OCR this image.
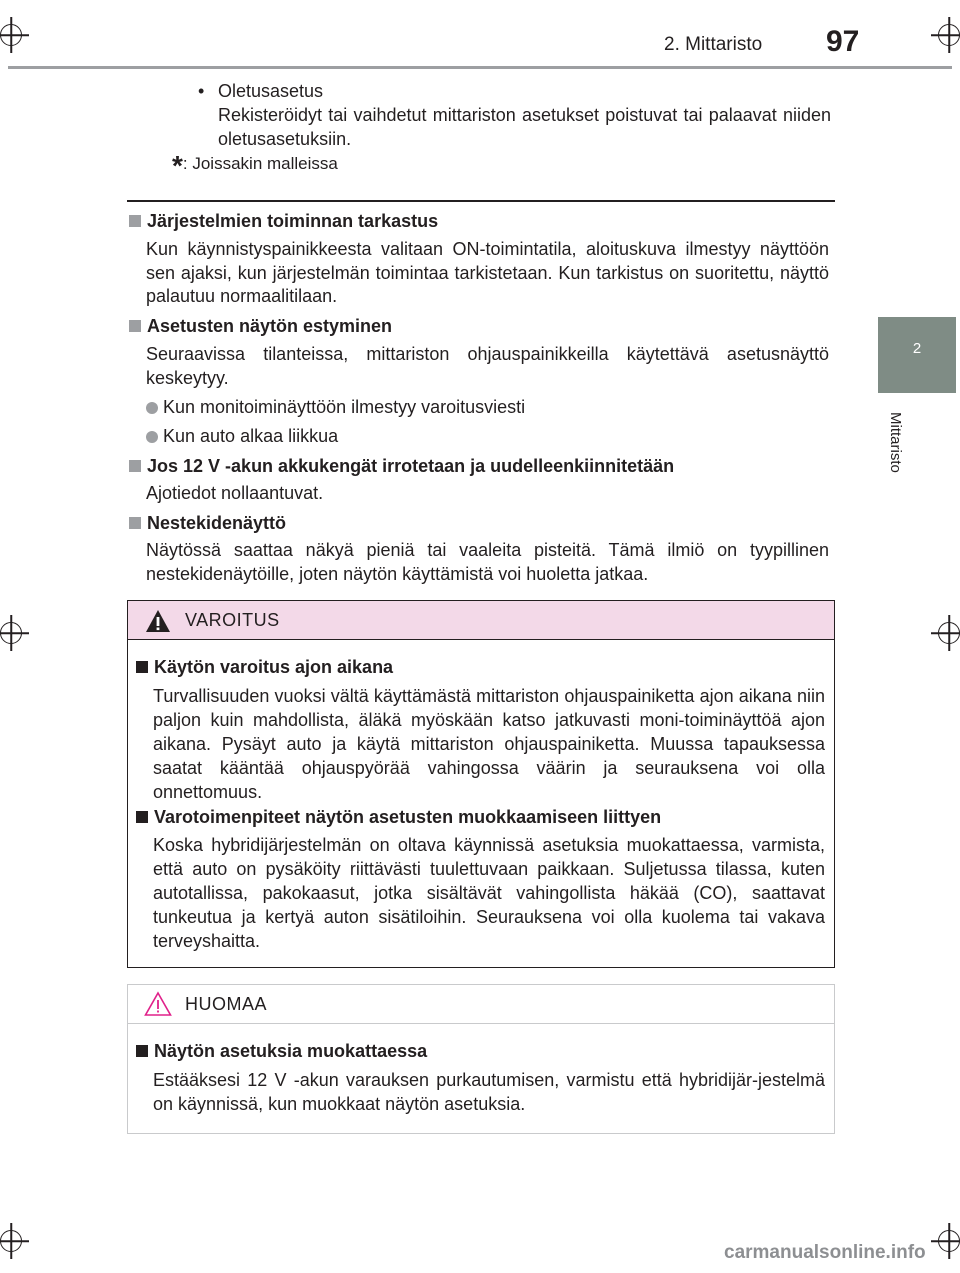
2. Mittaristo 97
2
Mittaristo
• Oletusasetus
Rekisteröidyt tai vaihdetut mittariston asetukset poistuvat tai palaavat niiden oletusasetuksiin.
*: Joissakin malleissa
Järjestelmien toiminnan tarkastus
Kun käynnistyspainikkeesta valitaan ON-toimintatila, aloituskuva ilmestyy näyttöön sen ajaksi, kun järjestelmän toimintaa tarkistetaan. Kun tarkistus on suoritettu, näyttö palautuu normaalitilaan.
Asetusten näytön estyminen
Seuraavissa tilanteissa, mittariston ohjauspainikkeilla käytettävä asetusnäyttö keskeytyy.
Kun monitoiminäyttöön ilmestyy varoitusviesti
Kun auto alkaa liikkua
Jos 12 V -akun akkukengät irrotetaan ja uudelleenkiinnitetään
Ajotiedot nollaantuvat.
Nestekidenäyttö
Näytössä saattaa näkyä pieniä tai vaaleita pisteitä. Tämä ilmiö on tyypillinen nestekidenäytöille, joten näytön käyttämistä voi huoletta jatkaa.
VAROITUS
Käytön varoitus ajon aikana
Turvallisuuden vuoksi vältä käyttämästä mittariston ohjauspainiketta ajon aikana niin paljon kuin mahdollista, äläkä myöskään katso jatkuvasti moni-toiminäyttöä ajon aikana. Pysäyt auto ja käytä mittariston ohjauspainiketta. Muussa tapauksessa saatat kääntää ohjauspyörää vahingossa väärin ja seurauksena voi olla onnettomuus.
Varotoimenpiteet näytön asetusten muokkaamiseen liittyen
Koska hybridijärjestelmän on oltava käynnissä asetuksia muokattaessa, varmista, että auto on pysäköity riittävästi tuulettuvaan paikkaan. Suljetussa tilassa, kuten autotallissa, pakokaasut, jotka sisältävät vahingollista häkää (CO), saattavat tunkeutua ja kertyä auton sisätiloihin. Seurauksena voi olla kuolema tai vakava terveyshaitta.
HUOMAA
Näytön asetuksia muokattaessa
Estääksesi 12 V -akun varauksen purkautumisen, varmistu että hybridijär-jestelmä on käynnissä, kun muokkaat näytön asetuksia.
carmanualsonline.info
